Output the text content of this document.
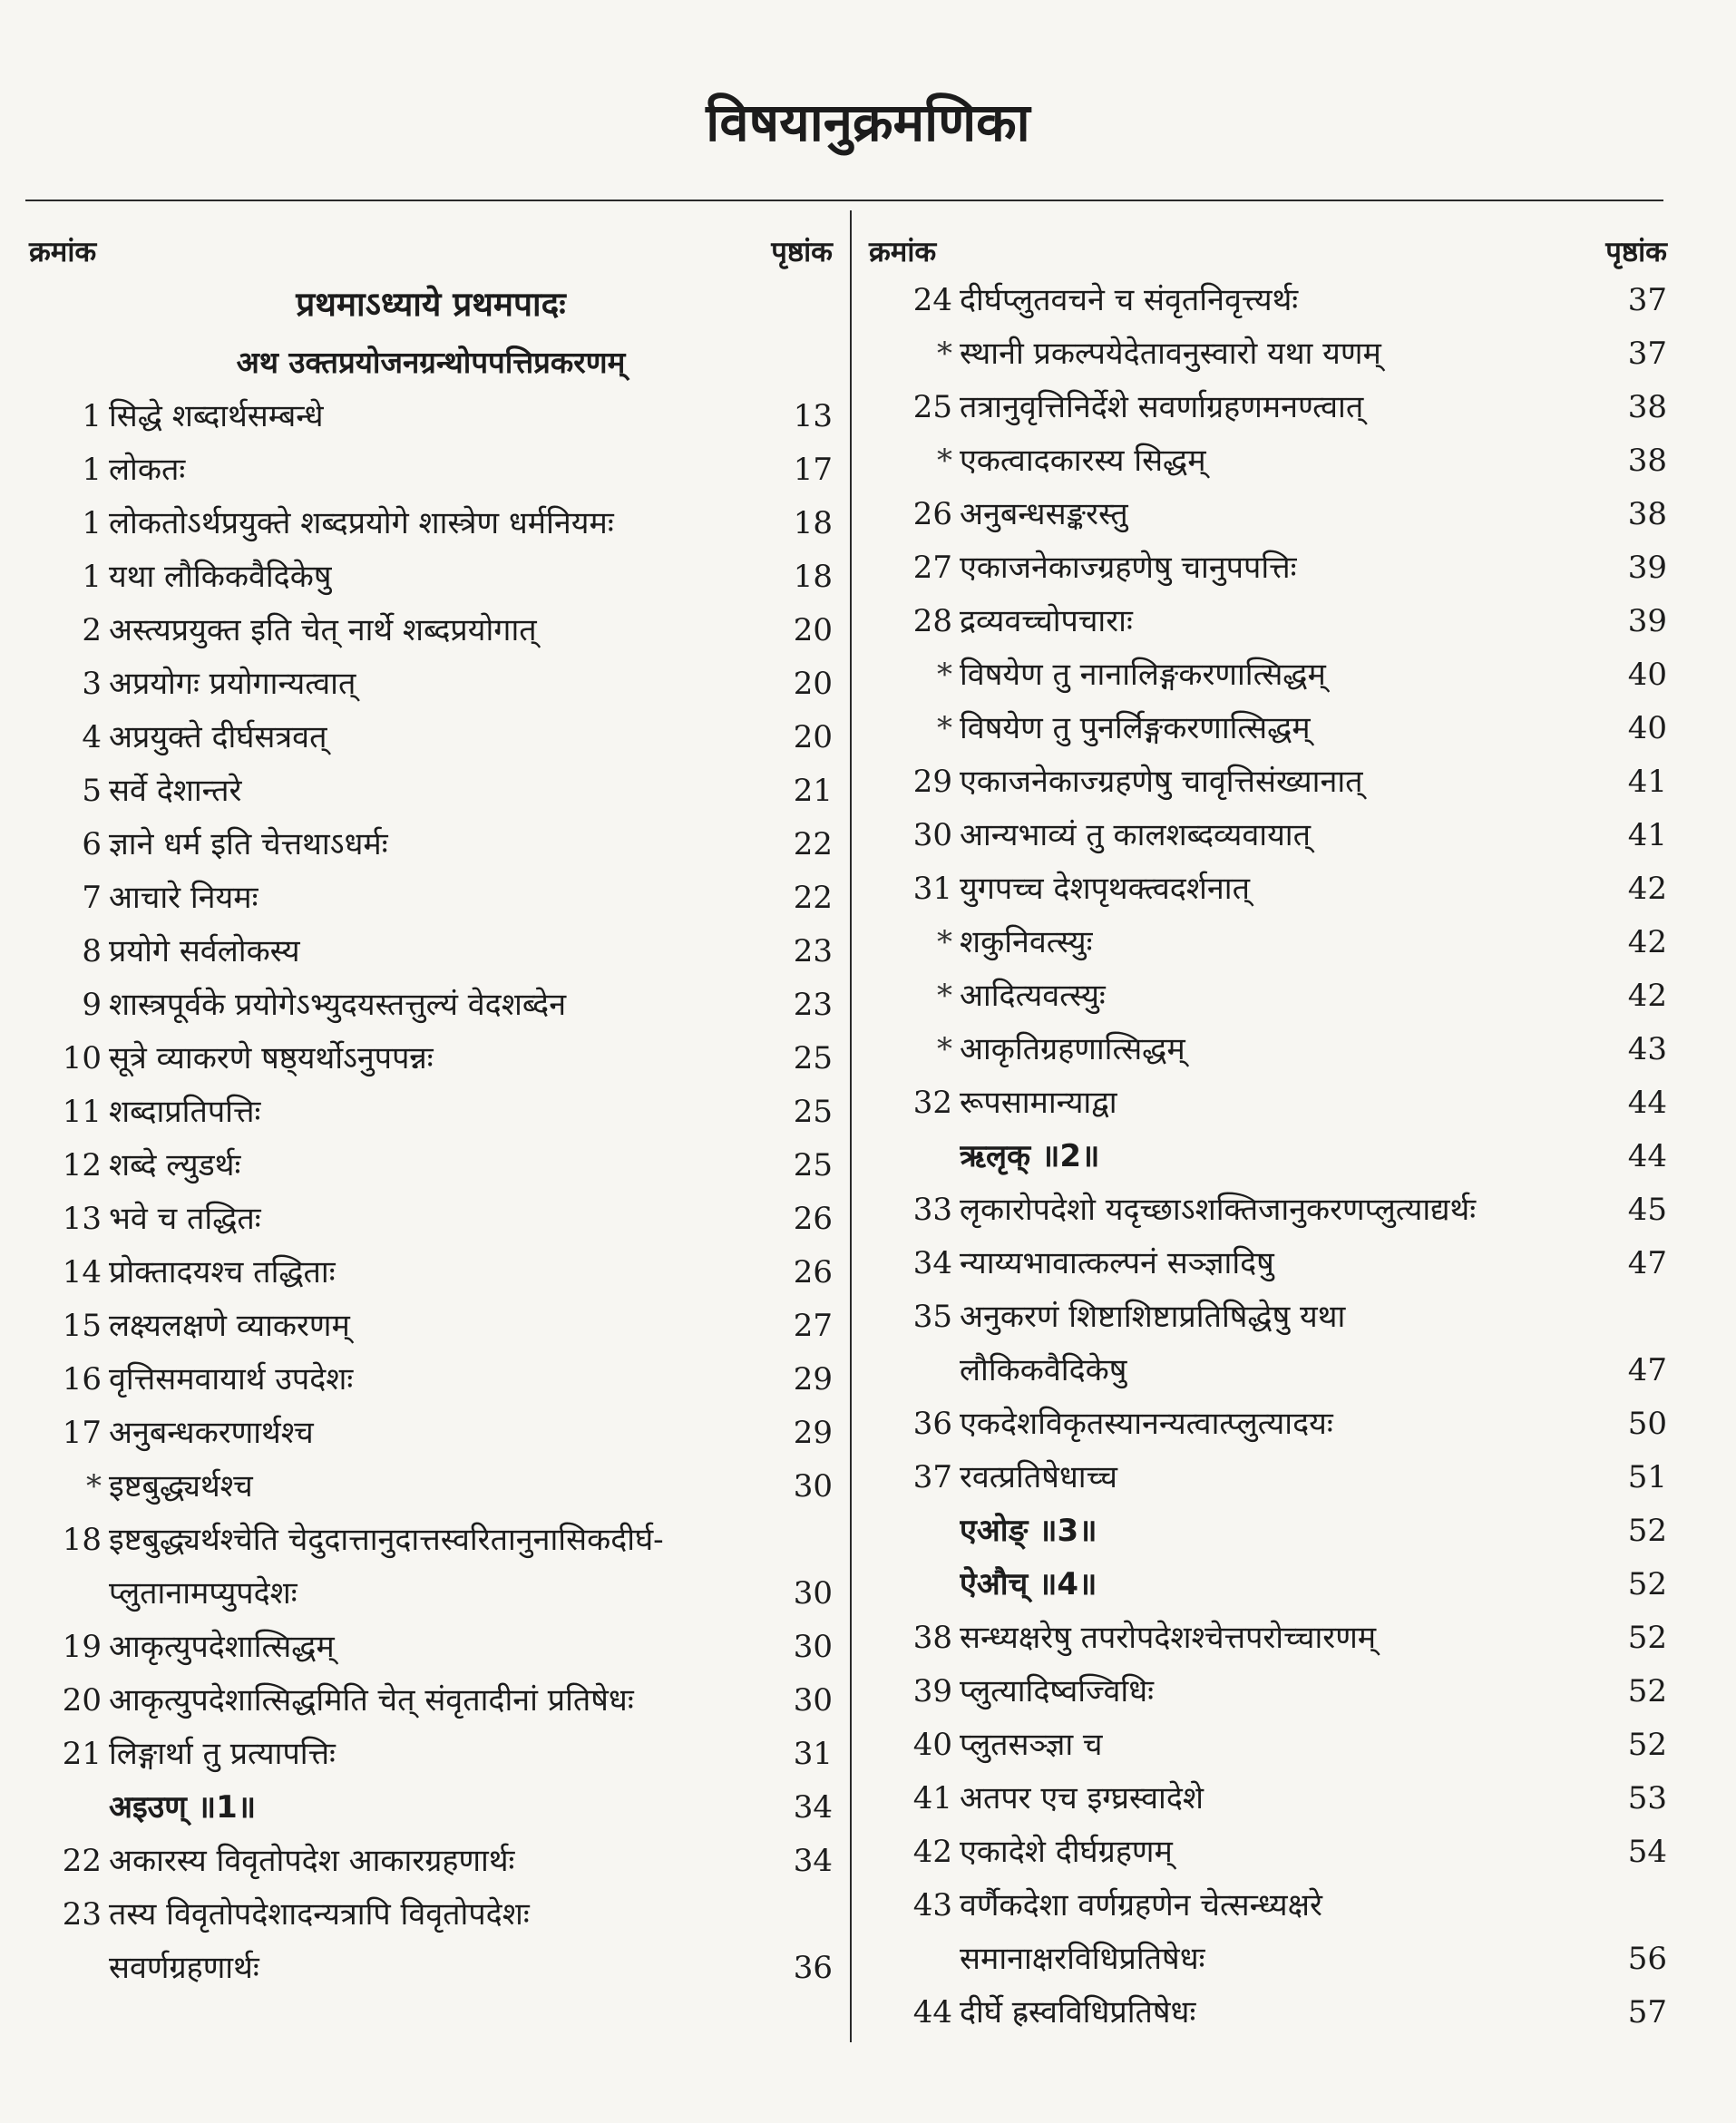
विषयानुक्रमणिका
क्रमांक	पृष्ठांक
प्रथमाऽध्याये प्रथमपादः
अथ उक्तप्रयोजनग्रन्थोपपत्तिप्रकरणम्
1 सिद्धे शब्दार्थसम्बन्धे	13
1 लोकतः	17
1 लोकतोऽर्थप्रयुक्ते शब्दप्रयोगे शास्त्रेण धर्मनियमः	18
1 यथा लौकिकवैदिकेषु	18
2 अस्त्यप्रयुक्त इति चेत् नार्थे शब्दप्रयोगात्	20
3 अप्रयोगः प्रयोगान्यत्वात्	20
4 अप्रयुक्ते दीर्घसत्रवत्	20
5 सर्वे देशान्तरे	21
6 ज्ञाने धर्म इति चेत्तथाऽधर्मः	22
7 आचारे नियमः	22
8 प्रयोगे सर्वलोकस्य	23
9 शास्त्रपूर्वके प्रयोगेऽभ्युदयस्तत्तुल्यं वेदशब्देन	23
10 सूत्रे व्याकरणे षष्ठ्यर्थोऽनुपपन्नः	25
11 शब्दाप्रतिपत्तिः	25
12 शब्दे ल्युडर्थः	25
13 भवे च तद्धितः	26
14 प्रोक्तादयश्च तद्धिताः	26
15 लक्ष्यलक्षणे व्याकरणम्	27
16 वृत्तिसमवायार्थ उपदेशः	29
17 अनुबन्धकरणार्थश्च	29
* इष्टबुद्ध्यर्थश्च	30
18 इष्टबुद्ध्यर्थश्चेति चेदुदात्तानुदात्तस्वरितानुनासिकदीर्घ-
प्लुतानामप्युपदेशः	30
19 आकृत्युपदेशात्सिद्धम्	30
20 आकृत्युपदेशात्सिद्धमिति चेत् संवृतादीनां प्रतिषेधः	30
21 लिङ्गार्था तु प्रत्यापत्तिः	31
अइउण् ॥1॥	34
22 अकारस्य विवृतोपदेश आकारग्रहणार्थः	34
23 तस्य विवृतोपदेशादन्यत्रापि विवृतोपदेशः
सवर्णग्रहणार्थः	36
क्रमांक	पृष्ठांक
24 दीर्घप्लुतवचने च संवृतनिवृत्त्यर्थः	37
* स्थानी प्रकल्पयेदेतावनुस्वारो यथा यणम्	37
25 तत्रानुवृत्तिनिर्देशे सवर्णाग्रहणमनण्त्वात्	38
* एकत्वादकारस्य सिद्धम्	38
26 अनुबन्धसङ्करस्तु	38
27 एकाजनेकाज्ग्रहणेषु चानुपपत्तिः	39
28 द्रव्यवच्चोपचाराः	39
* विषयेण तु नानालिङ्गकरणात्सिद्धम्	40
* विषयेण तु पुनर्लिङ्गकरणात्सिद्धम्	40
29 एकाजनेकाज्ग्रहणेषु चावृत्तिसंख्यानात्	41
30 आन्यभाव्यं तु कालशब्दव्यवायात्	41
31 युगपच्च देशपृथक्त्वदर्शनात्	42
* शकुनिवत्स्युः	42
* आदित्यवत्स्युः	42
* आकृतिग्रहणात्सिद्धम्	43
32 रूपसामान्याद्वा	44
ऋलृक् ॥2॥	44
33 लृकारोपदेशो यदृच्छाऽशक्तिजानुकरणप्लुत्याद्यर्थः	45
34 न्याय्यभावात्कल्पनं सञ्ज्ञादिषु	47
35 अनुकरणं शिष्टाशिष्टाप्रतिषिद्धेषु यथा
लौकिकवैदिकेषु	47
36 एकदेशविकृतस्यानन्यत्वात्प्लुत्यादयः	50
37 रवत्प्रतिषेधाच्च	51
एओङ् ॥3॥	52
ऐऔच् ॥4॥	52
38 सन्ध्यक्षरेषु तपरोपदेशश्चेत्तपरोच्चारणम्	52
39 प्लुत्यादिष्वज्विधिः	52
40 प्लुतसञ्ज्ञा च	52
41 अतपर एच इग्घ्रस्वादेशे	53
42 एकादेशे दीर्घग्रहणम्	54
43 वर्णैकदेशा वर्णग्रहणेन चेत्सन्ध्यक्षरे
समानाक्षरविधिप्रतिषेधः	56
44 दीर्घे ह्रस्वविधिप्रतिषेधः	57
